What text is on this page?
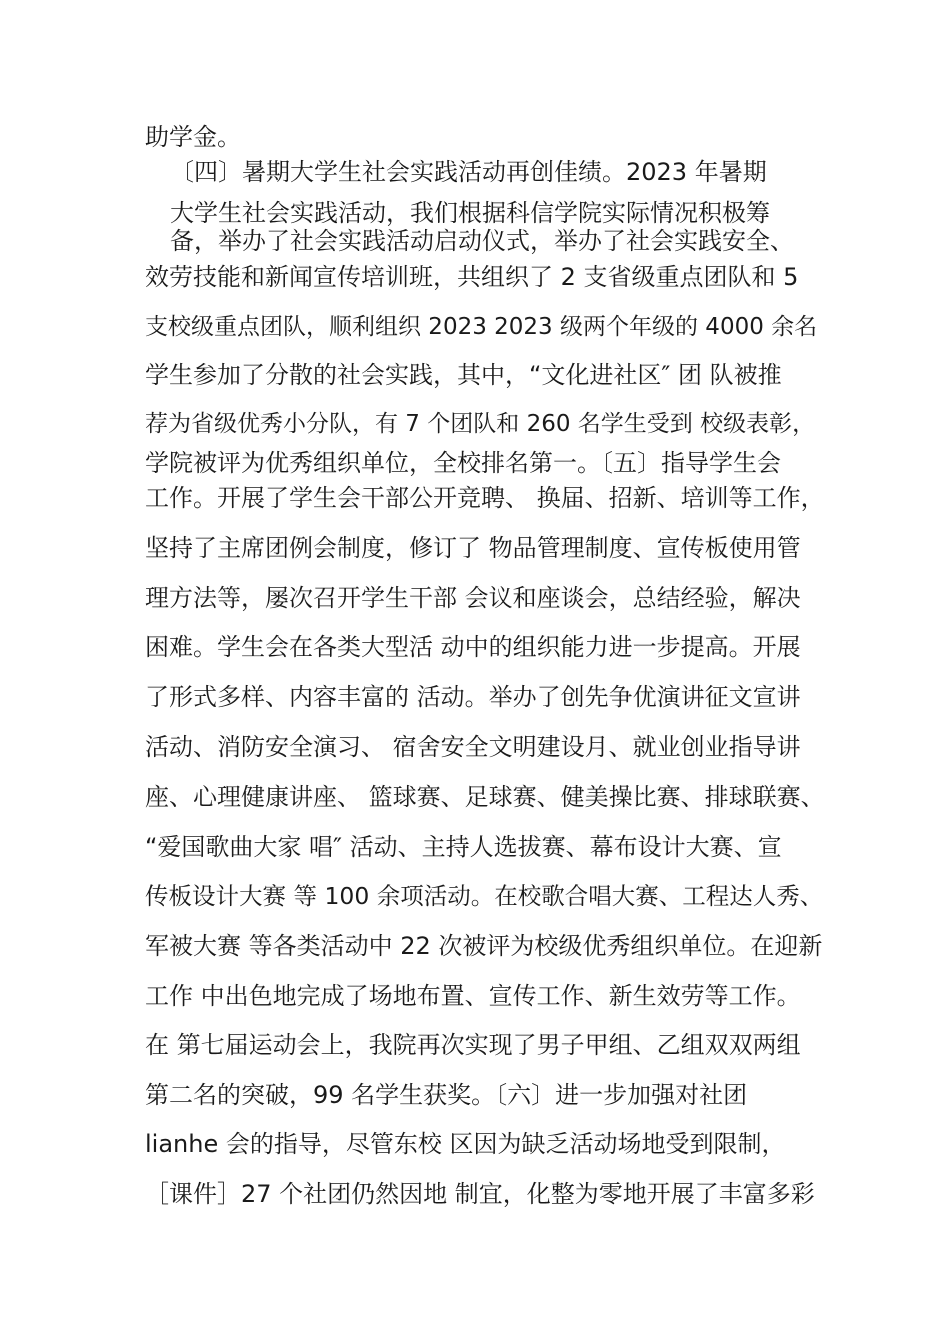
助学金。
〔四〕暑期大学生社会实践活动再创佳绩。2023 年暑期
大学生社会实践活动，我们根据科信学院实际情况积极筹
备，举办了社会实践活动启动仪式，举办了社会实践安全、
效劳技能和新闻宣传培训班，共组织了 2 支省级重点团队和 5
支校级重点团队，顺利组织 2023 2023 级两个年级的 4000 余名
学生参加了分散的社会实践，其中，“文化进社区″ 团 队被推
荐为省级优秀小分队，有 7 个团队和 260 名学生受到 校级表彰，
学院被评为优秀组织单位，全校排名第一。〔五〕指导学生会
工作。开展了学生会干部公开竞聘、 换届、招新、培训等工作，
坚持了主席团例会制度，修订了 物品管理制度、宣传板使用管
理方法等，屡次召开学生干部 会议和座谈会，总结经验，解决
困难。学生会在各类大型活 动中的组织能力进一步提高。开展
了形式多样、内容丰富的 活动。举办了创先争优演讲征文宣讲
活动、消防安全演习、 宿舍安全文明建设月、就业创业指导讲
座、心理健康讲座、 篮球赛、足球赛、健美操比赛、排球联赛、
“爱国歌曲大家 唱″ 活动、主持人选拔赛、幕布设计大赛、宣
传板设计大赛 等 100 余项活动。在校歌合唱大赛、工程达人秀、
军被大赛 等各类活动中 22 次被评为校级优秀组织单位。在迎新
工作 中出色地完成了场地布置、宣传工作、新生效劳等工作。
在 第七届运动会上，我院再次实现了男子甲组、乙组双双两组
第二名的突破，99 名学生获奖。〔六〕进一步加强对社团
lianhe 会的指导，尽管东校 区因为缺乏活动场地受到限制，
［课件］27 个社团仍然因地 制宜，化整为零地开展了丰富多彩
